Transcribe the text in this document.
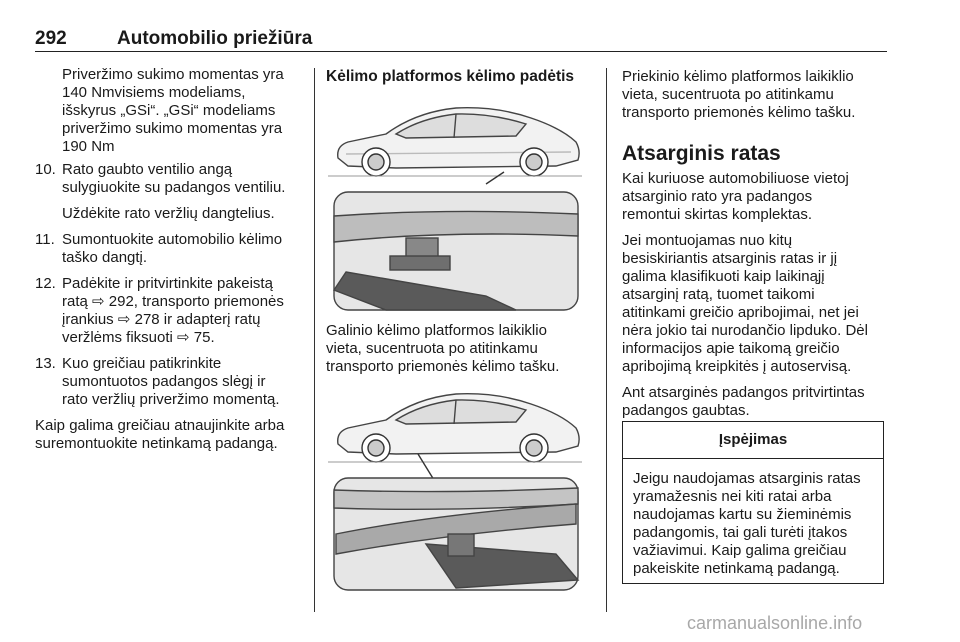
292	Automobilio priežiūra

Priveržimo sukimo momentas yra

140 Nmvisiems modeliams,

išskyrus „GSi“. „GSi“ modeliams

priveržimo sukimo momentas yra

190 Nm

10. Rato gaubto ventilio angą

sulygiuokite su padangos ventiliu.

Uždėkite rato veržlių dangtelius.

11. Sumontuokite automobilio kėlimo

taško dangtį.

12. Padėkite ir pritvirtinkite pakeistą

ratą ⇨ 292, transporto priemonės

įrankius ⇨ 278 ir adapterį ratų

veržlėms fiksuoti ⇨ 75.

13. Kuo greičiau patikrinkite

sumontuotos padangos slėgį ir

rato veržlių priveržimo momentą.

Kaip galima greičiau atnaujinkite arba

suremontuokite netinkamą padangą.

Kėlimo platformos kėlimo padėtis

Galinio kėlimo platformos laikiklio

vieta, sucentruota po atitinkamu

transporto priemonės kėlimo tašku.

Priekinio kėlimo platformos laikiklio

vieta, sucentruota po atitinkamu

transporto priemonės kėlimo tašku.

Atsarginis ratas

Kai kuriuose automobiliuose vietoj

atsarginio rato yra padangos

remontui skirtas komplektas.

Jei montuojamas nuo kitų

besiskiriantis atsarginis ratas ir jį

galima klasifikuoti kaip laikinąjį

atsarginį ratą, tuomet taikomi

atitinkami greičio apribojimai, net jei

nėra jokio tai nurodančio lipduko. Dėl

informacijos apie taikomą greičio

apribojimą kreipkitės į autoservisą.

Ant atsarginės padangos pritvirtintas

padangos gaubtas.

Įspėjimas

Jeigu naudojamas atsarginis ratas

yramažesnis nei kiti ratai arba

naudojamas kartu su žieminėmis

padangomis, tai gali turėti įtakos

važiavimui. Kaip galima greičiau

pakeiskite netinkamą padangą.

carmanualsonline.info
